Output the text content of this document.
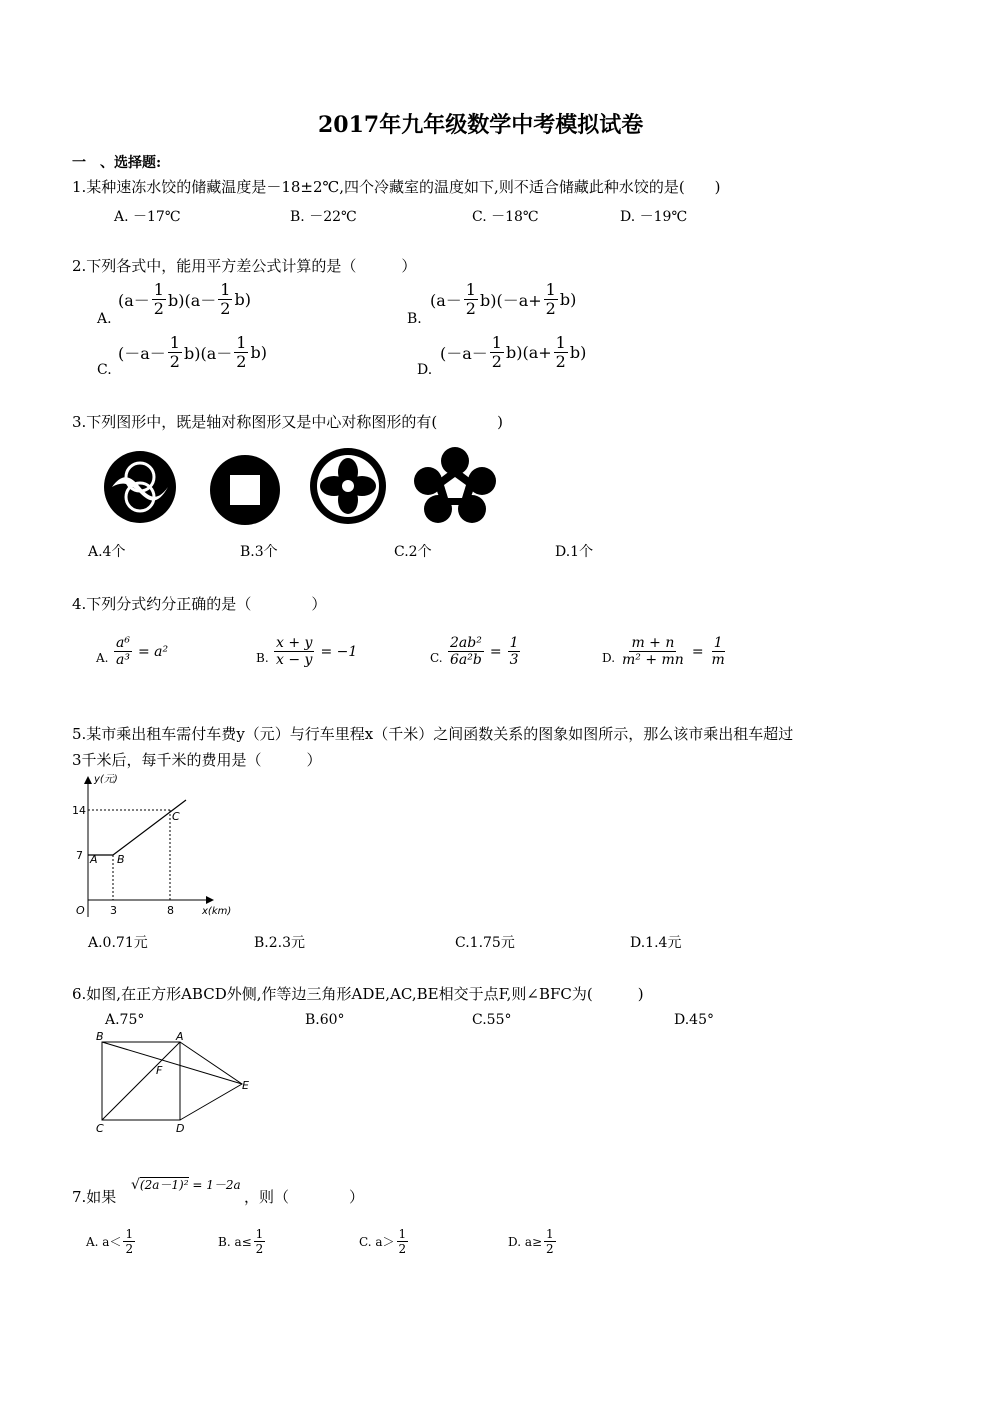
2017年九年级数学中考模拟试卷
一　、选择题:
1.某种速冻水饺的储藏温度是－18±2℃,四个冷藏室的温度如下,则不适合储藏此种水饺的是(　　)
A. －17℃	B. －22℃	C. －18℃	D. －19℃
2.下列各式中，能用平方差公式计算的是（　　　）
A.
$(a- \frac{1}{2} b)(a- \frac{1}{2} b)$
B.
$(a- \frac{1}{2} b)(-a+ \frac{1}{2} b)$
C.
$(-a- \frac{1}{2} b)(a- \frac{1}{2} b)$
D.
$(-a- \frac{1}{2} b)(a+ \frac{1}{2} b)$
3.下列图形中，既是轴对称图形又是中心对称图形的有(　　　　)
A.4个	B.3个	C.2个	D.1个
4.下列分式约分正确的是（　　　　）
A. $\frac{\text{a⁶}}{\text{a³}} = a^2$	B. $\frac{x + y}{x - y} = -1$	C. $\frac{\text{2ab²}}{\text{6a²b}} = \frac{1}{3}$	D. $\frac{m + n}{\text{m² + mn}} = \frac{1}{m}$
5.某市乘出租车需付车费y（元）与行车里程x（千米）之间函数关系的图象如图所示，那么该市乘出租车超过
3千米后，每千米的费用是（　　　）
y(元)
x(km)
O
14
7
3	8
A B
C
A.0.71元	B.2.3元	C.1.75元	D.1.4元
6.如图,在正方形ABCD外侧,作等边三角形ADE,AC,BE相交于点F,则∠BFC为(　　　)
A.75°	B.60°	C.55°	D.45°
B	A
F
E
C	D
7.如果
√(2a－1)² = 1－2a
，则（　　　　）
A. $a< \frac{1}{2}$	B. $a\le \frac{1}{2}$	C. $a> \frac{1}{2}$	D. $a\ge \frac{1}{2}$
